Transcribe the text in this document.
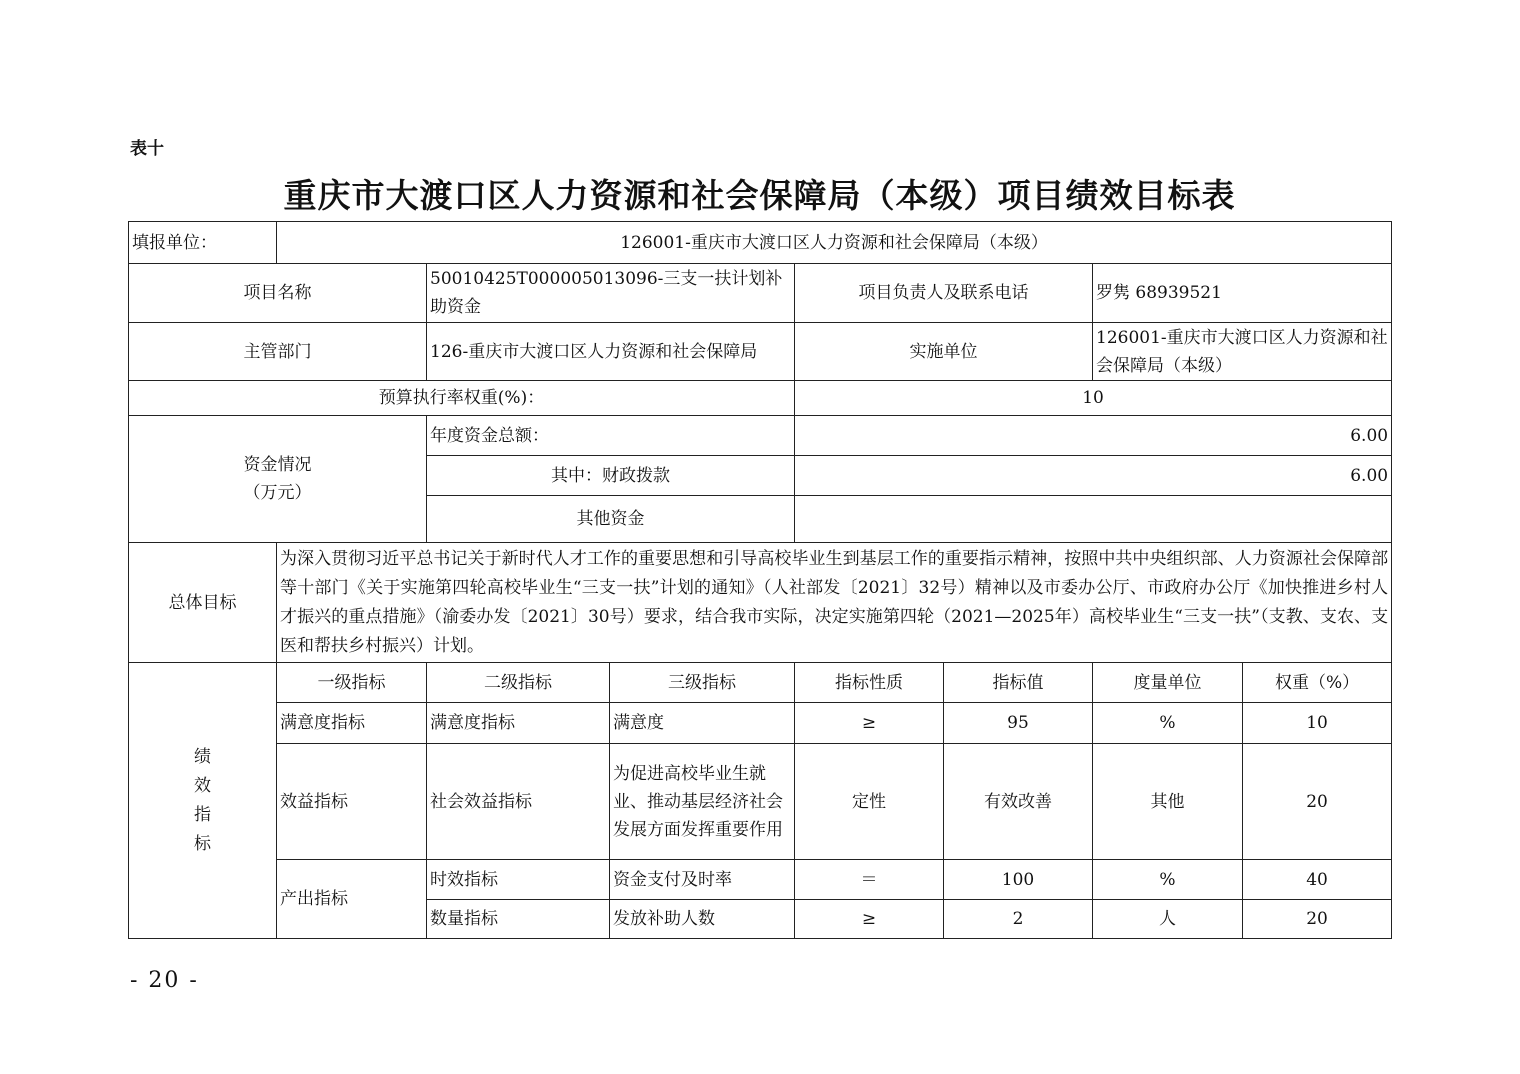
表十
重庆市大渡口区人力资源和社会保障局（本级）项目绩效目标表
填报单位：	126001-重庆市大渡口区人力资源和社会保障局（本级）						
项目名称		50010425T000005013096-三支一扶计划补助资金		项目负责人及联系电话		罗隽 68939521	
主管部门		126-重庆市大渡口区人力资源和社会保障局		实施单位		126001-重庆市大渡口区人力资源和社会保障局（本级）	
预算执行率权重(%)：				10			

资金情况
（万元）		年度资金总额：		6.00			
		其中：财政拨款		6.00			
		其他资金					
总体目标	为深入贯彻习近平总书记关于新时代人才工作的重要思想和引导高校毕业生到基层工作的重要指示精神，按照中共中央组织部、人力资源社会保障部等十部门《关于实施第四轮高校毕业生“三支一扶”计划的通知》（人社部发〔2021〕32号）精神以及市委办公厅、市政府办公厅《加快推进乡村人才振兴的重点措施》（渝委办发〔2021〕30号）要求，结合我市实际，决定实施第四轮（2021—2025年）高校毕业生“三支一扶”（支教、支农、支医和帮扶乡村振兴）计划。						

绩
效
指
标	一级指标	二级指标	三级指标	指标性质	指标值	度量单位	权重（%）
	满意度指标	满意度指标	满意度	≥	95	%	10
	效益指标	社会效益指标	为促进高校毕业生就业、推动基层经济社会发展方面发挥重要作用	定性	有效改善	其他	20
	产出指标	时效指标	资金支付及时率	＝	100	%	40
		数量指标	发放补助人数	≥	2	人	20
- 20 -
